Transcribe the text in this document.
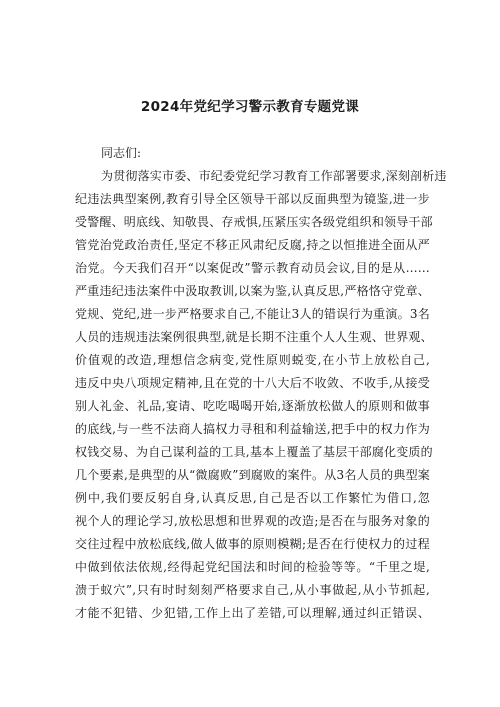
2024年党纪学习警示教育专题党课
同志们:
为贯彻落实市委、市纪委党纪学习教育工作部署要求,深刻剖析违
纪违法典型案例,教育引导全区领导干部以反面典型为镜鉴,进一步
受警醒、明底线、知敬畏、存戒惧,压紧压实各级党组织和领导干部
管党治党政治责任,坚定不移正风肃纪反腐,持之以恒推进全面从严
治党。今天我们召开“以案促改”警示教育动员会议,目的是从……
严重违纪违法案件中汲取教训,以案为鉴,认真反思,严格恪守党章、
党规、党纪,进一步严格要求自己,不能让3人的错误行为重演。3名
人员的违规违法案例很典型,就是长期不注重个人人生观、世界观、
价值观的改造,理想信念病变,党性原则蜕变,在小节上放松自己,
违反中央八项规定精神,且在党的十八大后不收敛、不收手,从接受
别人礼金、礼品,宴请、吃吃喝喝开始,逐渐放松做人的原则和做事
的底线,与一些不法商人搞权力寻租和利益输送,把手中的权力作为
权钱交易、为自己谋利益的工具,基本上覆盖了基层干部腐化变质的
几个要素,是典型的从“微腐败”到腐败的案件。从3名人员的典型案
例中,我们要反躬自身,认真反思,自己是否以工作繁忙为借口,忽
视个人的理论学习,放松思想和世界观的改造;是否在与服务对象的
交往过程中放松底线,做人做事的原则模糊;是否在行使权力的过程
中做到依法依规,经得起党纪国法和时间的检验等等。“千里之堤,
溃于蚁穴”,只有时时刻刻严格要求自己,从小事做起,从小节抓起,
才能不犯错、少犯错,工作上出了差错,可以理解,通过纠正错误、
